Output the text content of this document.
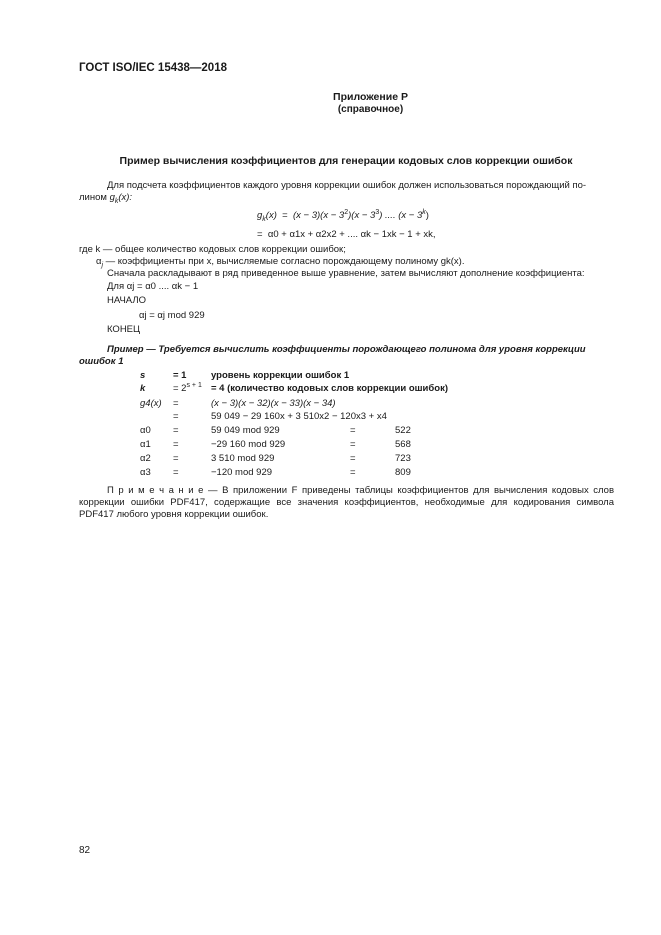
ГОСТ ISO/IEC 15438—2018
Приложение Р
(справочное)
Пример вычисления коэффициентов для генерации кодовых слов коррекции ошибок
Для подсчета коэффициентов каждого уровня коррекции ошибок должен использоваться порождающий по-
лином $g_k(x)$:
$g_k(x) = (x - 3)(x - 3^2)(x - 3^3)$ .... $(x - 3^k)$
= α0 + α1x + α2x2 + .... αk − 1xk − 1 + xk,
где k — общее количество кодовых слов коррекции ошибок;
$\alpha_j$ — коэффициенты при x, вычисляемые согласно порождающему полиному gk(x).
Сначала раскладывают в ряд приведенное выше уравнение, затем вычисляют дополнение коэффициента:
Для αj = α0 .... αk − 1
НАЧАЛО
αj = αj mod 929
КОНЕЦ
Пример — Требуется вычислить коэффициенты порождающего полинома для уровня коррекции
ошибок 1
s	= 1	уровень коррекции ошибок 1
k	= $2^{s + 1} = 4$ (количество кодовых слов коррекции ошибок)
g4(x) =	(x − 3)(x − 32)(x − 33)(x − 34)
=	59 049 − 29 160x + 3 510x2 − 120x3 + x4
α0 =	59 049 mod 929	=	522
α1 =	−29 160 mod 929	=	568
α2 =	3 510 mod 929	=	723
α3 =	−120 mod 929	=	809
П р и м е ч а н и е — В приложении F приведены таблицы коэффициентов для вычисления кодовых слов коррекции ошибки PDF417, содержащие все значения коэффициентов, необходимые для кодирования символа PDF417 любого уровня коррекции ошибок.
82
